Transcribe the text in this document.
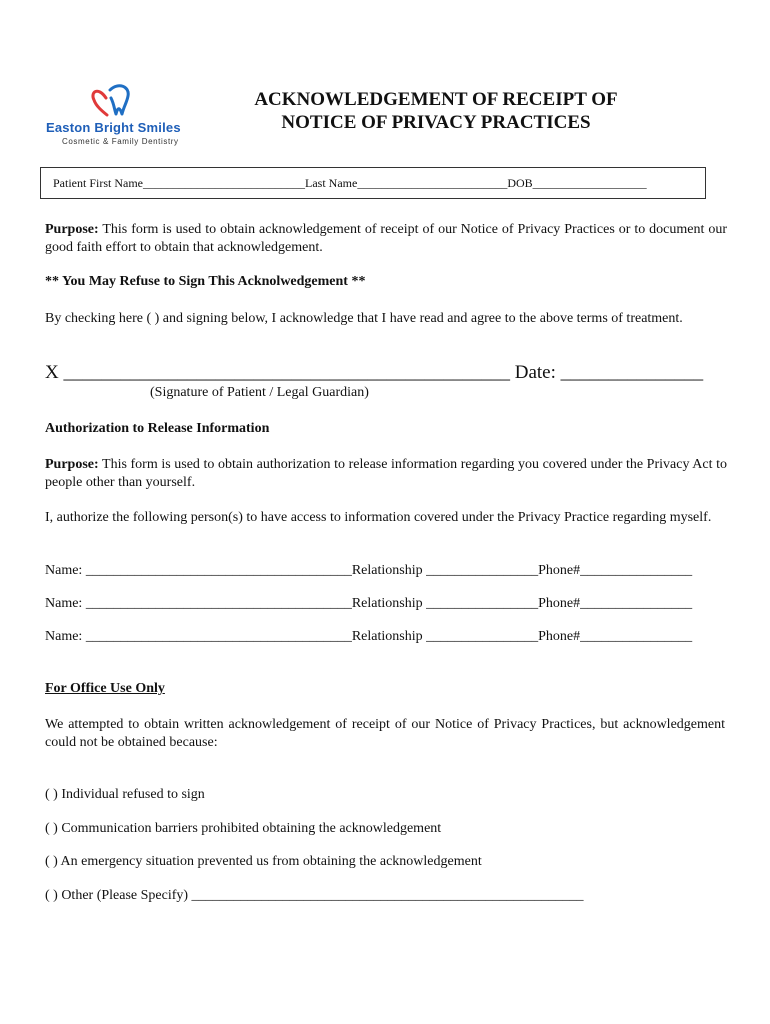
Easton Bright Smiles
Cosmetic & Family Dentistry
ACKNOWLEDGEMENT OF RECEIPT OF
NOTICE OF PRIVACY PRACTICES
Patient First Name___________________________Last Name_________________________DOB___________________
Purpose: This form is used to obtain acknowledgement of receipt of our Notice of Privacy Practices or to document our good faith effort to obtain that acknowledgement.
** You May Refuse to Sign This Acknolwedgement **
By checking here ( ) and signing below, I acknowledge that I have read and agree to the above terms of treatment.
X _______________________________________________ Date: _______________
(Signature of Patient / Legal Guardian)
Authorization to Release Information
Purpose: This form is used to obtain authorization to release information regarding you covered under the Privacy Act to people other than yourself.
I, authorize the following person(s) to have access to information covered under the Privacy Practice regarding myself.
Name: ______________________________________Relationship ________________Phone#________________
Name: ______________________________________Relationship ________________Phone#________________
Name: ______________________________________Relationship ________________Phone#________________
For Office Use Only
We attempted to obtain written acknowledgement of receipt of our Notice of Privacy Practices, but acknowledgement could not be obtained because:
( ) Individual refused to sign
( ) Communication barriers prohibited obtaining the acknowledgement
( ) An emergency situation prevented us from obtaining the acknowledgement
( ) Other (Please Specify) ________________________________________________________
